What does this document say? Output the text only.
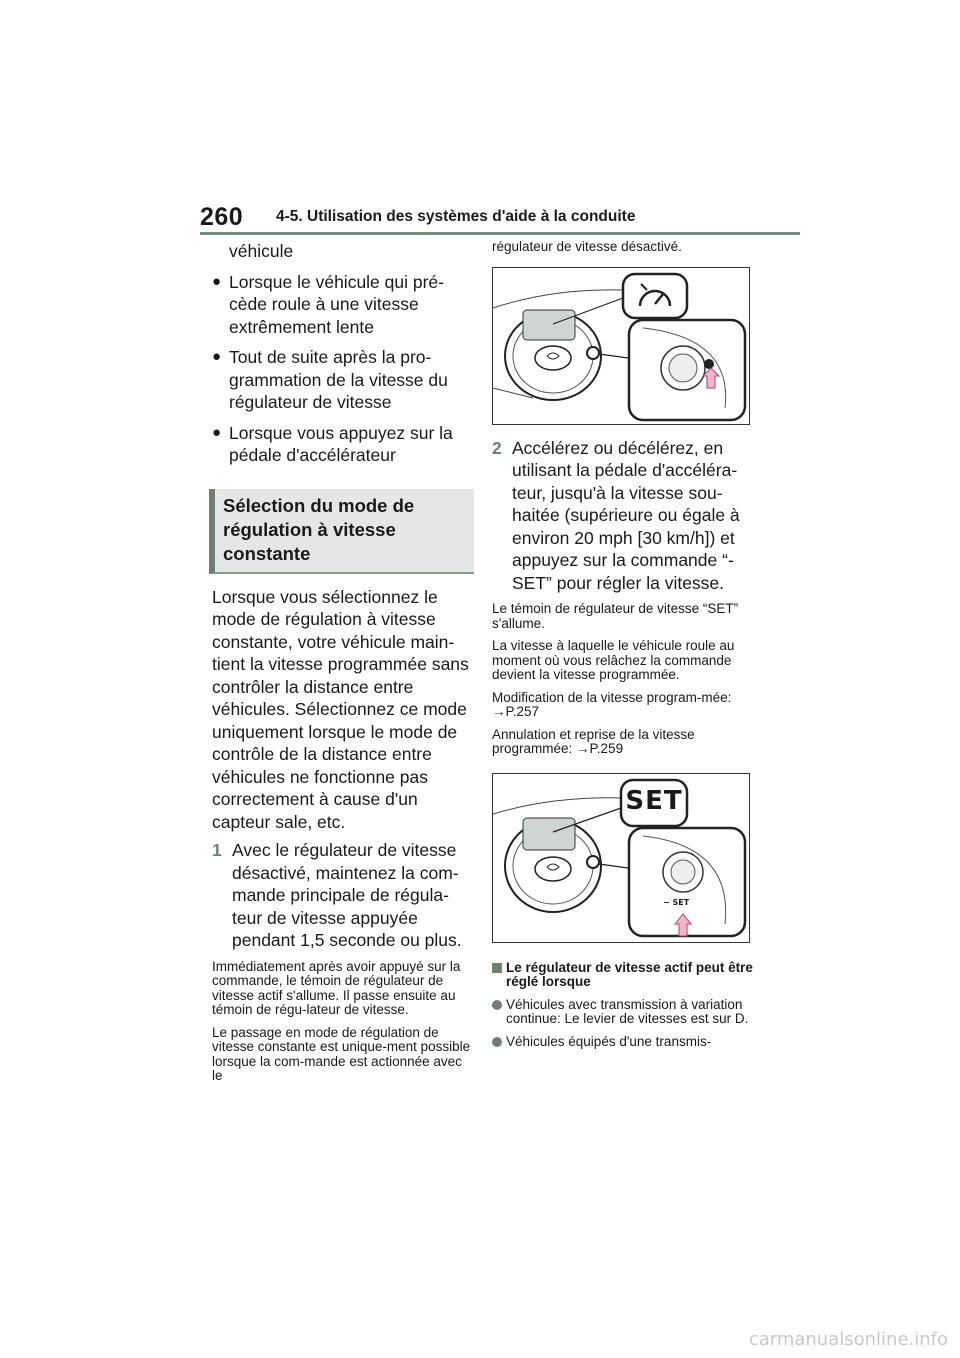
260 4-5. Utilisation des systèmes d'aide à la conduite
véhicule
● Lorsque le véhicule qui pré-cède roule à une vitesse extrêmement lente
● Tout de suite après la pro-grammation de la vitesse du régulateur de vitesse
● Lorsque vous appuyez sur la pédale d'accélérateur
Sélection du mode de régulation à vitesse constante
Lorsque vous sélectionnez le mode de régulation à vitesse constante, votre véhicule main-tient la vitesse programmée sans contrôler la distance entre véhicules. Sélectionnez ce mode uniquement lorsque le mode de contrôle de la distance entre véhicules ne fonctionne pas correctement à cause d'un capteur sale, etc.
1 Avec le régulateur de vitesse désactivé, maintenez la com-mande principale de régula-teur de vitesse appuyée pendant 1,5 seconde ou plus.
Immédiatement après avoir appuyé sur la commande, le témoin de régulateur de vitesse actif s'allume. Il passe ensuite au témoin de régu-lateur de vitesse.
Le passage en mode de régulation de vitesse constante est unique-ment possible lorsque la com-mande est actionnée avec le
régulateur de vitesse désactivé.
2 Accélérez ou décélérez, en utilisant la pédale d'accéléra-teur, jusqu'à la vitesse sou-haitée (supérieure ou égale à environ 20 mph [30 km/h]) et appuyez sur la commande “-SET” pour régler la vitesse.
Le témoin de régulateur de vitesse “SET” s'allume.
La vitesse à laquelle le véhicule roule au moment où vous relâchez la commande devient la vitesse programmée.
Modification de la vitesse program-mée: →P.257
Annulation et reprise de la vitesse programmée: →P.259
SET
− SET
Le régulateur de vitesse actif peut être réglé lorsque
Véhicules avec transmission à variation continue: Le levier de vitesses est sur D.
Véhicules équipés d'une transmis-
carmanualsonline.info
